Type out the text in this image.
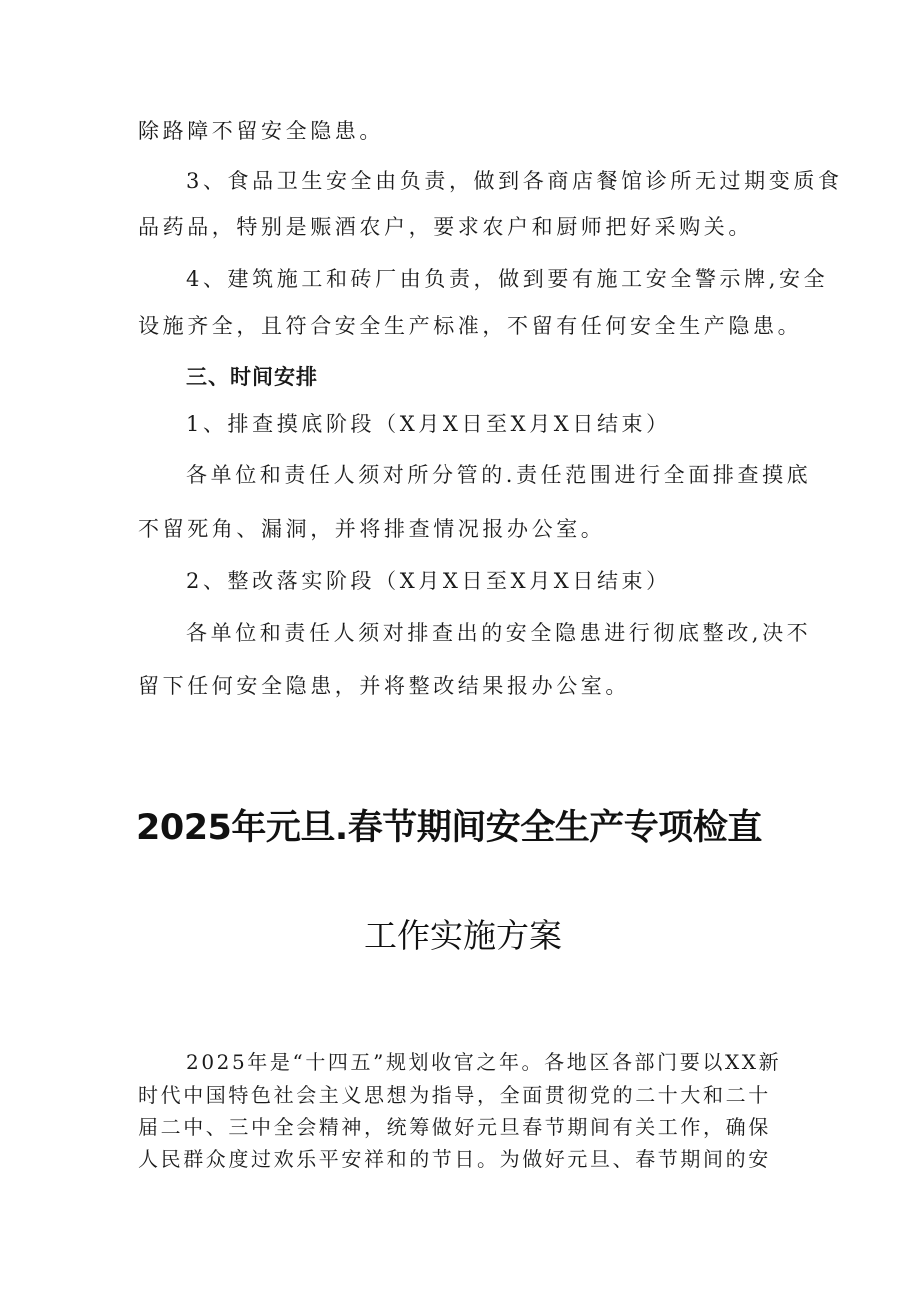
除路障不留安全隐患。
3、食品卫生安全由负责，做到各商店餐馆诊所无过期变质食
品药品，特别是赈酒农户，要求农户和厨师把好采购关。
4、建筑施工和砖厂由负责，做到要有施工安全警示牌,安全
设施齐全，且符合安全生产标准，不留有任何安全生产隐患。
三、时间安排
1、排查摸底阶段（X月X日至X月X日结束）
各单位和责任人须对所分管的.责任范围进行全面排查摸底
不留死角、漏洞，并将排查情况报办公室。
2、整改落实阶段（X月X日至X月X日结束）
各单位和责任人须对排查出的安全隐患进行彻底整改,决不
留下任何安全隐患，并将整改结果报办公室。
2025年元旦.春节期间安全生产专项检直
工作实施方案
2025年是“十四五”规划收官之年。各地区各部门要以XX新
时代中国特色社会主义思想为指导，全面贯彻党的二十大和二十
届二中、三中全会精神，统筹做好元旦春节期间有关工作，确保
人民群众度过欢乐平安祥和的节日。为做好元旦、春节期间的安
